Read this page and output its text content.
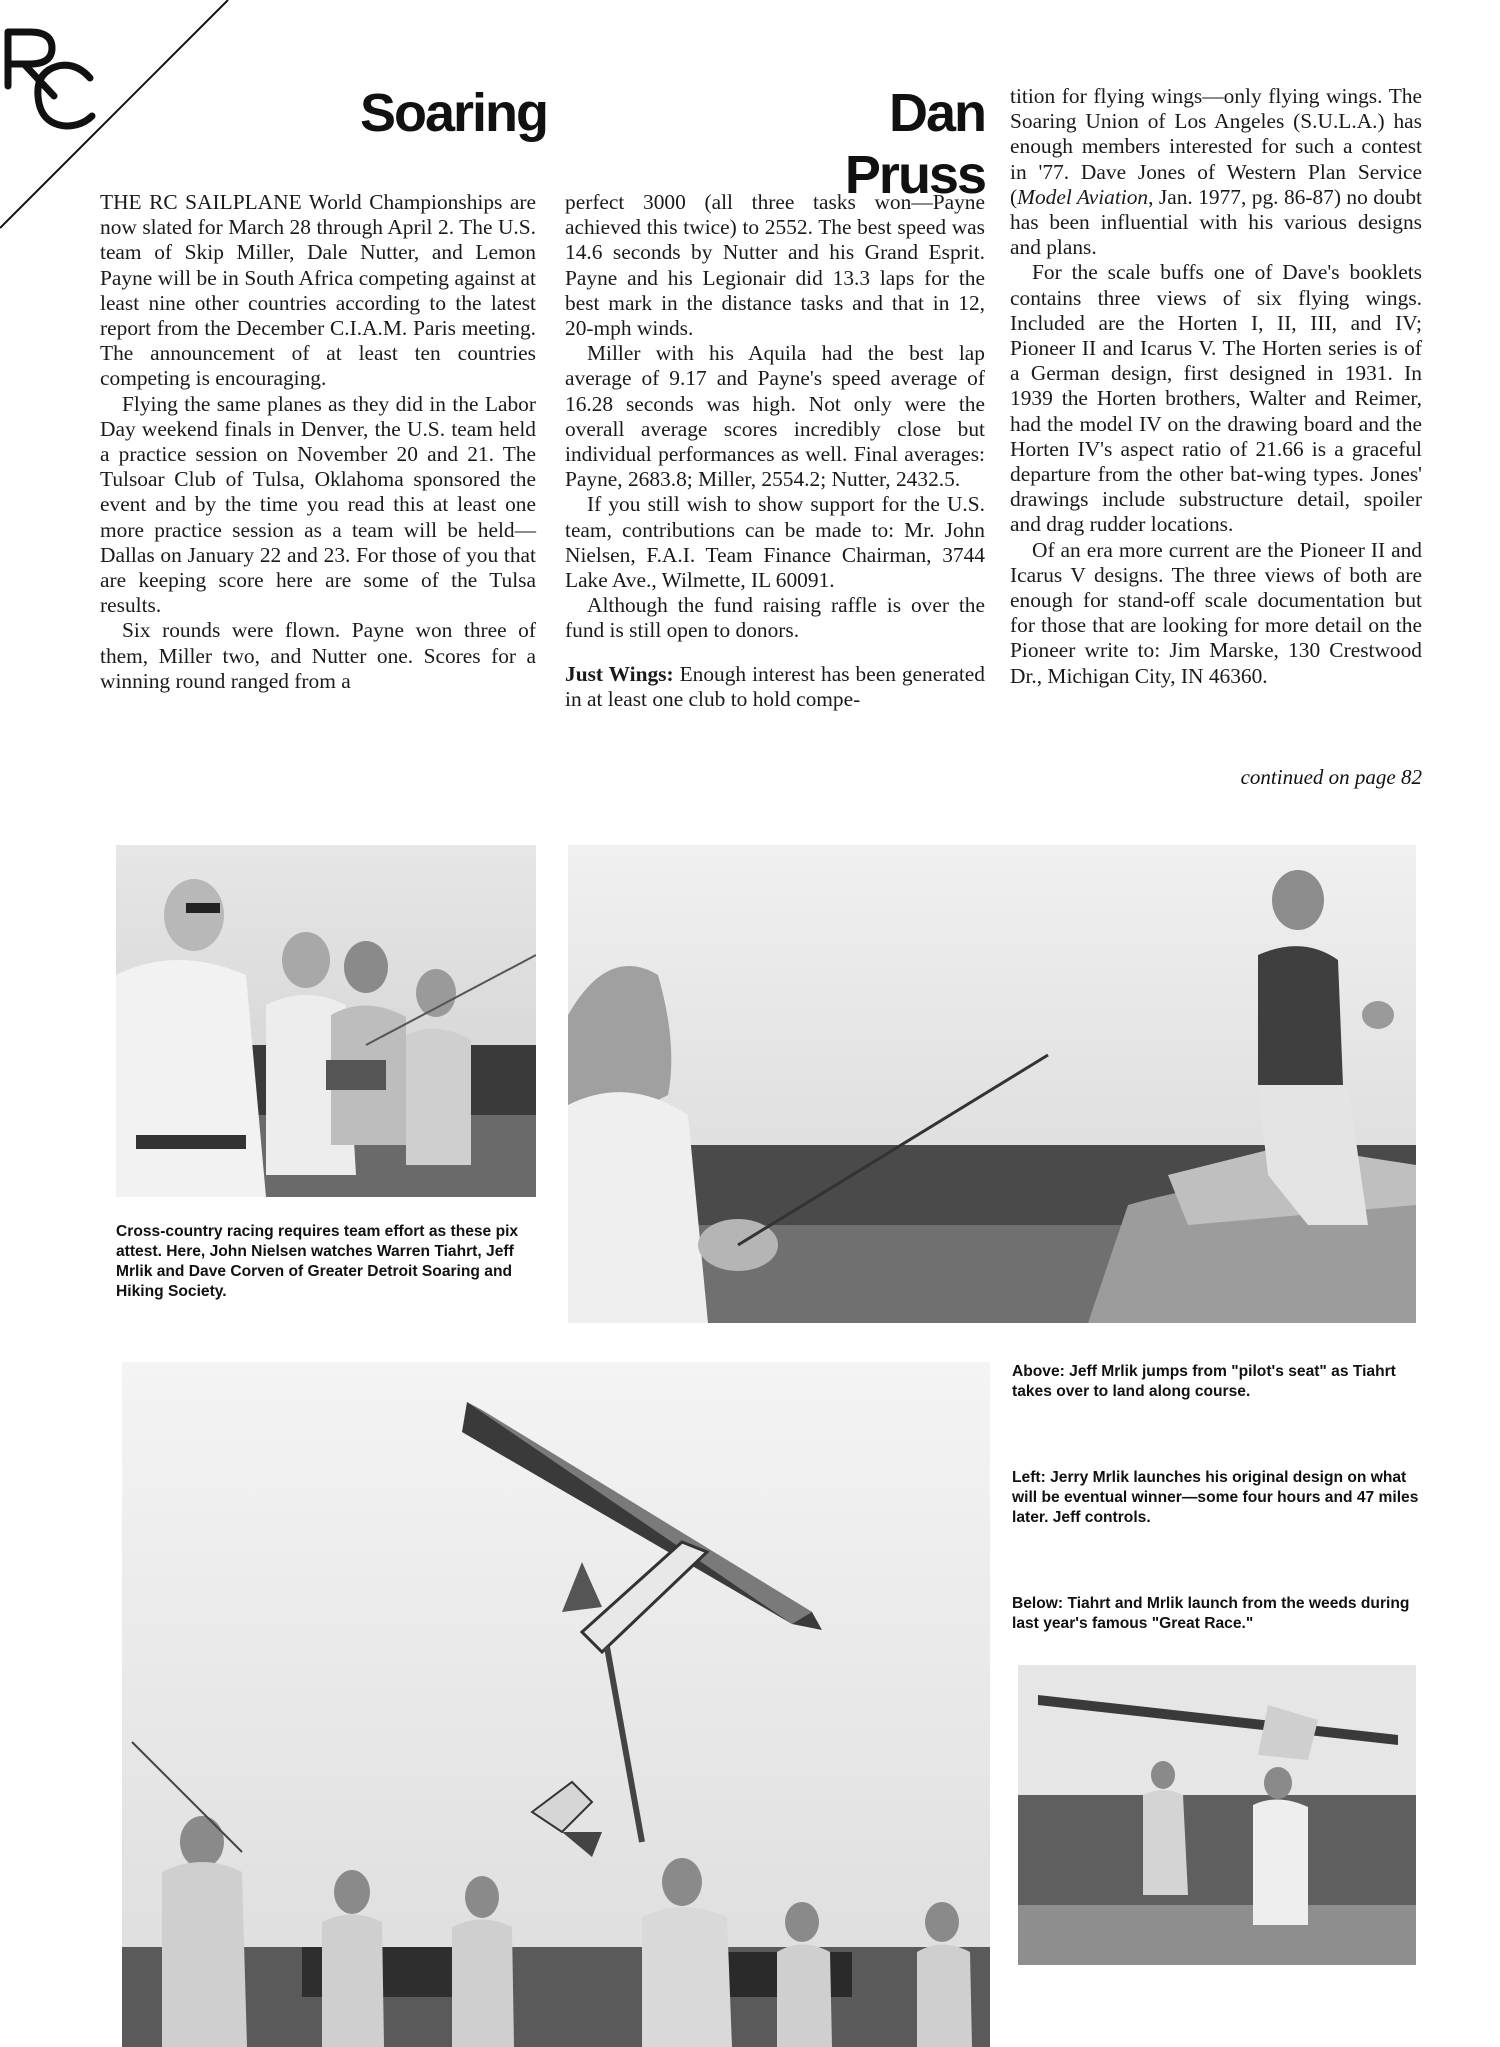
Soaring	Dan Pruss

THE RC SAILPLANE World Championships are now slated for March 28 through April 2. The U.S. team of Skip Miller, Dale Nutter, and Lemon Payne will be in South Africa competing against at least nine other countries according to the latest report from the December C.I.A.M. Paris meeting. The announcement of at least ten countries competing is encouraging.

Flying the same planes as they did in the Labor Day weekend finals in Denver, the U.S. team held a practice session on November 20 and 21. The Tulsoar Club of Tulsa, Oklahoma sponsored the event and by the time you read this at least one more practice session as a team will be held—Dallas on January 22 and 23. For those of you that are keeping score here are some of the Tulsa results.

Six rounds were flown. Payne won three of them, Miller two, and Nutter one. Scores for a winning round ranged from a

perfect 3000 (all three tasks won—Payne achieved this twice) to 2552. The best speed was 14.6 seconds by Nutter and his Grand Esprit. Payne and his Legionair did 13.3 laps for the best mark in the distance tasks and that in 12, 20-mph winds.

Miller with his Aquila had the best lap average of 9.17 and Payne's speed average of 16.28 seconds was high. Not only were the overall average scores incredibly close but individual performances as well. Final averages: Payne, 2683.8; Miller, 2554.2; Nutter, 2432.5.

If you still wish to show support for the U.S. team, contributions can be made to: Mr. John Nielsen, F.A.I. Team Finance Chairman, 3744 Lake Ave., Wilmette, IL 60091.

Although the fund raising raffle is over the fund is still open to donors.

Just Wings: Enough interest has been generated in at least one club to hold compe-

tition for flying wings—only flying wings. The Soaring Union of Los Angeles (S.U.L.A.) has enough members interested for such a contest in '77. Dave Jones of Western Plan Service (Model Aviation, Jan. 1977, pg. 86-87) no doubt has been influential with his various designs and plans.

For the scale buffs one of Dave's booklets contains three views of six flying wings. Included are the Horten I, II, III, and IV; Pioneer II and Icarus V. The Horten series is of a German design, first designed in 1931. In 1939 the Horten brothers, Walter and Reimer, had the model IV on the drawing board and the Horten IV's aspect ratio of 21.66 is a graceful departure from the other bat-wing types. Jones' drawings include substructure detail, spoiler and drag rudder locations.

Of an era more current are the Pioneer II and Icarus V designs. The three views of both are enough for stand-off scale documentation but for those that are looking for more detail on the Pioneer write to: Jim Marske, 130 Crestwood Dr., Michigan City, IN 46360.

continued on page 82
Cross-country racing requires team effort as these pix attest. Here, John Nielsen watches Warren Tiahrt, Jeff Mrlik and Dave Corven of Greater Detroit Soaring and Hiking Society.
Above: Jeff Mrlik jumps from "pilot's seat" as Tiahrt takes over to land along course.
Left: Jerry Mrlik launches his original design on what will be eventual winner—some four hours and 47 miles later. Jeff controls.
Below: Tiahrt and Mrlik launch from the weeds during last year's famous "Great Race."
